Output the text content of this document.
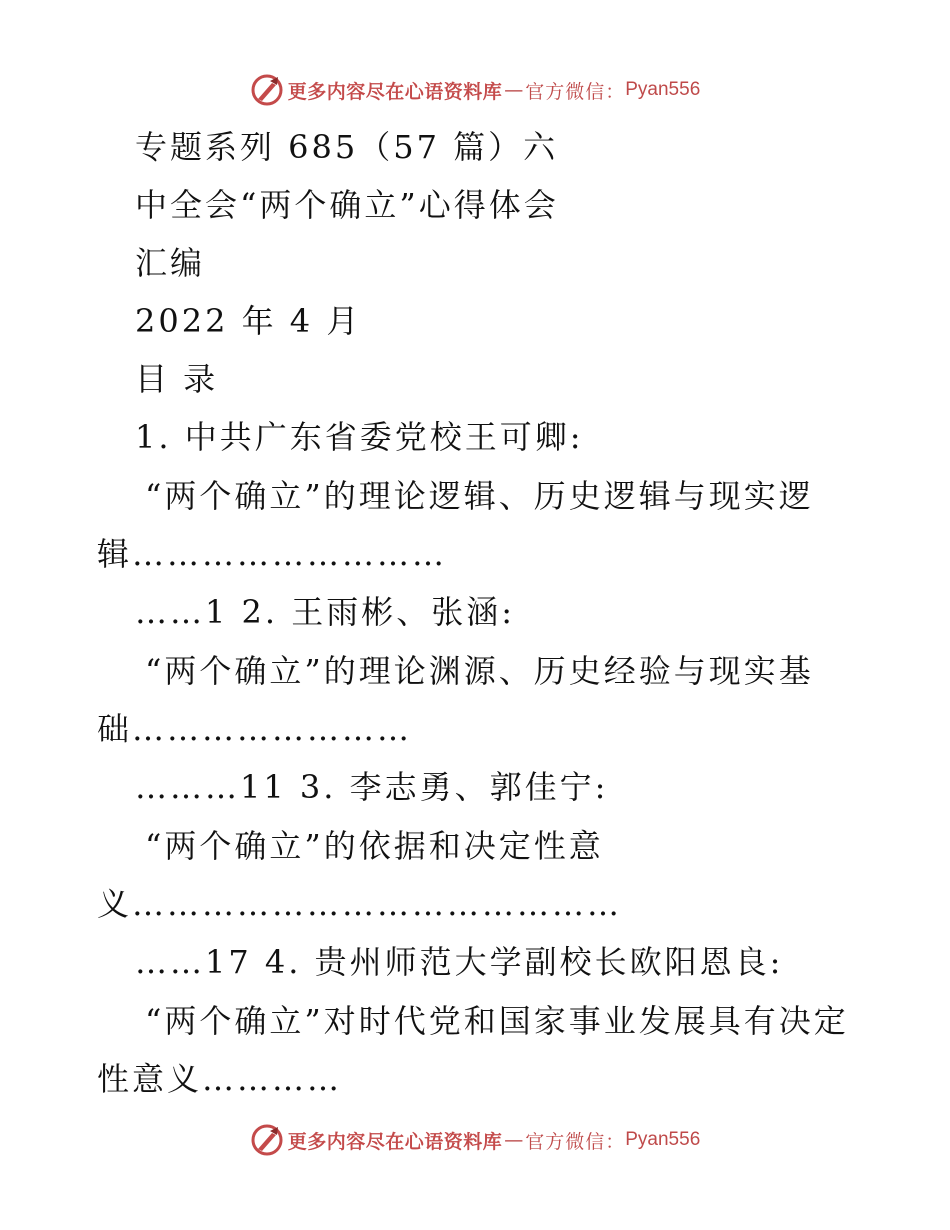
更多内容尽在心语资料库 — 官方微信： Pyan556
专题系列 685（57 篇）六
中全会“两个确立”心得体会
汇编
2022 年 4 月
目 录
1. 中共广东省委党校王可卿:
“两个确立”的理论逻辑、历史逻辑与现实逻
辑………………………
……1 2. 王雨彬、张涵:
“两个确立”的理论渊源、历史经验与现实基
础……………………
………11 3. 李志勇、郭佳宁:
“两个确立”的依据和决定性意
义……………………………………
……17 4. 贵州师范大学副校长欧阳恩良:
“两个确立”对时代党和国家事业发展具有决定
性意义…………
更多内容尽在心语资料库 — 官方微信： Pyan556
